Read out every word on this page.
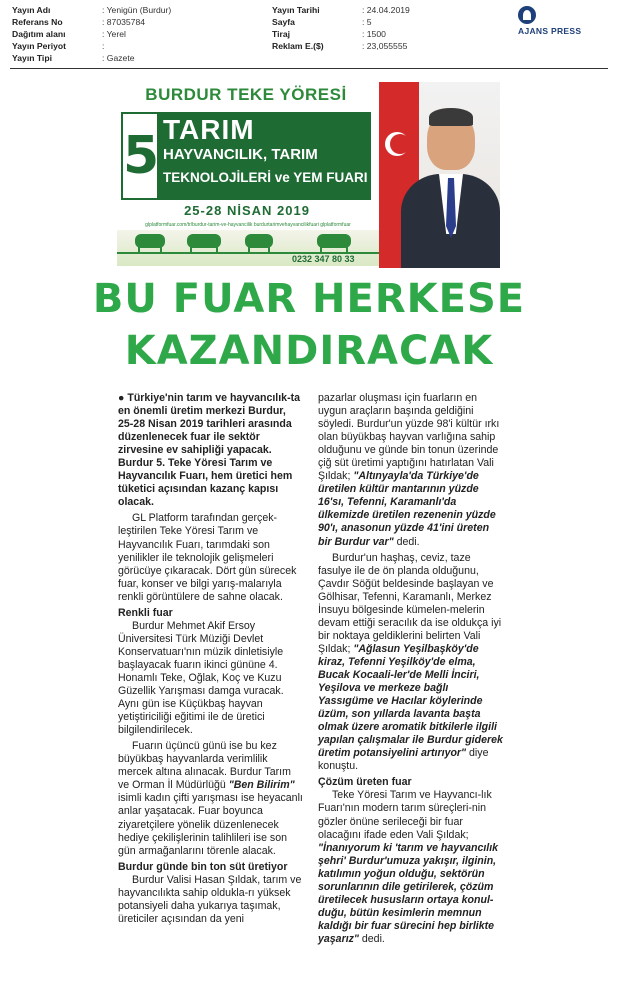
Yayın Adı	: Yenigün (Burdur)
Referans No	: 87035784
Dağıtım alanı	: Yerel
Yayın Periyot	:
Yayın Tipi	: Gazete
Yayın Tarihi	: 24.04.2019
Sayfa	: 5
Tiraj	: 1500
Reklam E.($)	: 23,055555
AJANS PRESS
BURDUR TEKE YÖRESİ
5.
TARIM
HAYVANCILIK, TARIM
TEKNOLOJİLERİ ve YEM FUARI
25-28 NİSAN 2019
glplatformfuar.com/tr/burdur-tarim-ve-hayvancilik burdurtarimvehayvancilikfuari glplatformfuar
0232 347 80 33
BU FUAR HERKESE
KAZANDIRACAK

● Türkiye'nin tarım ve hayvancılık-ta en önemli üretim merkezi Burdur, 25-28 Nisan 2019 tarihleri arasında düzenlenecek fuar ile sektör zirvesine ev sahipliği yapacak. Burdur 5. Teke Yöresi Tarım ve Hayvancılık Fuarı, hem üretici hem tüketici açısından kazanç kapısı olacak.

GL Platform tarafından gerçek-leştirilen Teke Yöresi Tarım ve Hayvancılık Fuarı, tarımdaki son yenilikler ile teknolojik gelişmeleri görücüye çıkaracak. Dört gün sürecek fuar, konser ve bilgi yarış-malarıyla renkli görüntülere de sahne olacak.

Renkli fuar

Burdur Mehmet Akif Ersoy Üniversitesi Türk Müziği Devlet Konservatuarı'nın müzik dinletisiyle başlayacak fuarın ikinci gününe 4. Honamlı Teke, Oğlak, Koç ve Kuzu Güzellik Yarışması damga vuracak. Aynı gün ise Küçükbaş hayvan yetiştiriciliği eğitimi ile de üretici bilgilendirilecek.

Fuarın üçüncü günü ise bu kez büyükbaş hayvanlarda verimlilik mercek altına alınacak. Burdur Tarım ve Orman İl Müdürlüğü "Ben Bilirim" isimli kadın çifti yarışması ise heyacanlı anlar yaşatacak. Fuar boyunca ziyaretçilere yönelik düzenlenecek hediye çekilişlerinin talihlileri ise son gün armağanlarını törenle alacak.

Burdur günde bin ton süt üretiyor

Burdur Valisi Hasan Şıldak, tarım ve hayvancılıkta sahip oldukla-rı yüksek potansiyeli daha yukarıya taşımak, üreticiler açısından da yeni

pazarlar oluşması için fuarların en uygun araçların başında geldiğini söyledi. Burdur'un yüzde 98'i kültür ırkı olan büyükbaş hayvan varlığına sahip olduğunu ve günde bin tonun üzerinde çiğ süt üretimi yaptığını hatırlatan Vali Şıldak; "Altınyayla'da Türkiye'de üretilen kültür mantarının yüzde 16'sı, Tefenni, Karamanlı'da ülkemizde üretilen rezenenin yüzde 90'ı, anasonun yüzde 41'ini üreten bir Burdur var" dedi.

Burdur'un haşhaş, ceviz, taze fasulye ile de ön planda olduğunu, Çavdır Söğüt beldesinde başlayan ve Gölhisar, Tefenni, Karamanlı, Merkez İnsuyu bölgesinde kümelen-melerin devam ettiği seracılık da ise oldukça iyi bir noktaya geldiklerini belirten Vali Şıldak; "Ağlasun Yeşilbaşköy'de kiraz, Tefenni Yeşilköy'de elma, Bucak Kocaali-ler'de Melli İnciri, Yeşilova ve merkeze bağlı Yassıgüme ve Hacılar köylerinde üzüm, son yıllarda lavanta başta olmak üzere aromatik bitkilerle ilgili yapılan çalışmalar ile Burdur giderek üretim potansiyelini artırıyor" diye konuştu.

Çözüm üreten fuar

Teke Yöresi Tarım ve Hayvancı-lık Fuarı'nın modern tarım süreçleri-nin gözler önüne serileceği bir fuar olacağını ifade eden Vali Şıldak; "İnanıyorum ki 'tarım ve hayvancılık şehri' Burdur'umuza yakışır, ilginin, katılımın yoğun olduğu, sektörün sorunlarının dile getirilerek, çözüm üretilecek hususların ortaya konul-duğu, bütün kesimlerin memnun kaldığı bir fuar sürecini hep birlikte yaşarız" dedi.
